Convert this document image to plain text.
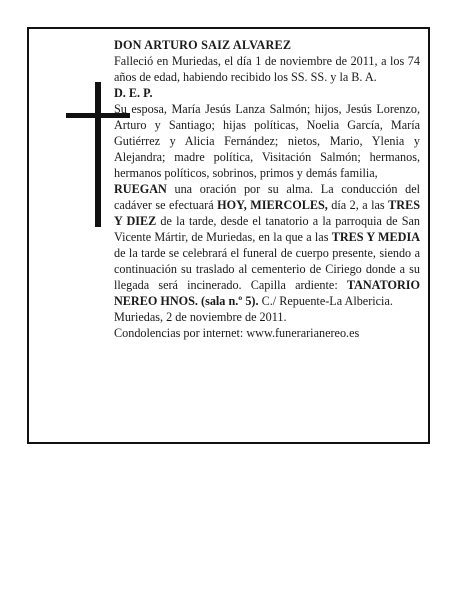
DON ARTURO SAIZ ALVAREZ

Falleció en Muriedas, el día 1 de noviembre de 2011, a los 74 años de edad, habiendo recibido los SS. SS. y la B. A.

D. E. P.

Su esposa, María Jesús Lanza Salmón; hijos, Jesús Lorenzo, Arturo y Santiago; hijas políticas, Noelia García, María Gutiérrez y Alicia Fernández; nietos, Mario, Ylenia y Alejandra; madre política, Visitación Salmón; hermanos, hermanos políticos, sobrinos, primos y demás familia,

RUEGAN una oración por su alma. La conducción del cadáver se efectuará HOY, MIERCOLES, día 2, a las TRES Y DIEZ de la tarde, desde el tanatorio a la parroquia de San Vicente Mártir, de Muriedas, en la que a las TRES Y MEDIA de la tarde se celebrará el funeral de cuerpo presente, siendo a continuación su traslado al cementerio de Ciriego donde a su llegada será incinerado. Capilla ardiente: TANATORIO NEREO HNOS. (sala n.º 5). C./ Repuente-La Albericia.

Muriedas, 2 de noviembre de 2011.

Condolencias por internet: www.funerarianereo.es
